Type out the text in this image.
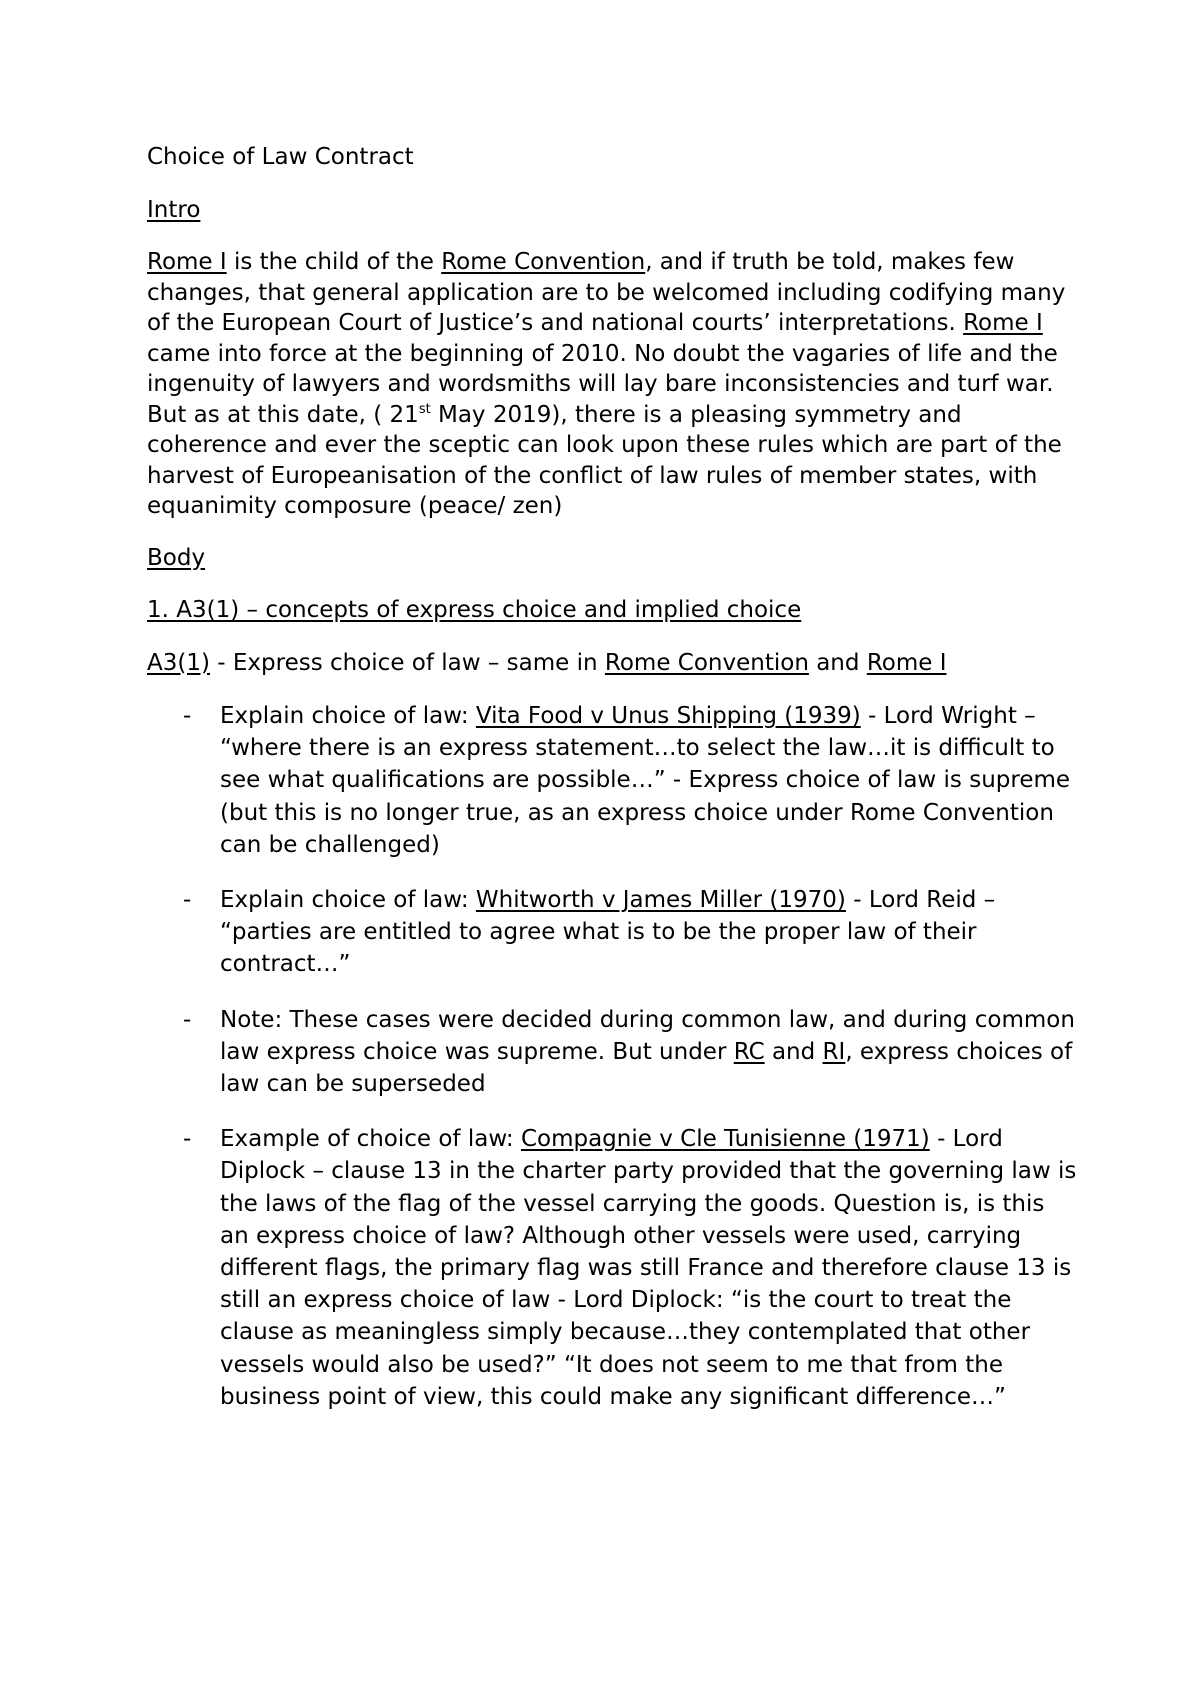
Choice of Law Contract

Intro

Rome I is the child of the Rome Convention, and if truth be told, makes few changes, that general application are to be welcomed including codifying many of the European Court of Justice’s and national courts’ interpretations. Rome I came into force at the beginning of 2010. No doubt the vagaries of life and the ingenuity of lawyers and wordsmiths will lay bare inconsistencies and turf war. But as at this date, ( 21st May 2019), there is a pleasing symmetry and coherence and ever the sceptic can look upon these rules which are part of the harvest of Europeanisation of the conflict of law rules of member states, with equanimity composure (peace/ zen)

Body

1. A3(1) – concepts of express choice and implied choice

A3(1) - Express choice of law – same in Rome Convention and Rome I

- Explain choice of law: Vita Food v Unus Shipping (1939) - Lord Wright – “where there is an express statement…to select the law…it is difficult to see what qualifications are possible…” - Express choice of law is supreme (but this is no longer true, as an express choice under Rome Convention can be challenged)
- Explain choice of law: Whitworth v James Miller (1970) - Lord Reid – “parties are entitled to agree what is to be the proper law of their contract…”
- Note: These cases were decided during common law, and during common law express choice was supreme. But under RC and RI, express choices of law can be superseded
- Example of choice of law: Compagnie v Cle Tunisienne (1971) - Lord Diplock – clause 13 in the charter party provided that the governing law is the laws of the flag of the vessel carrying the goods. Question is, is this an express choice of law? Although other vessels were used, carrying different flags, the primary flag was still France and therefore clause 13 is still an express choice of law - Lord Diplock: “is the court to treat the clause as meaningless simply because…they contemplated that other vessels would also be used?” “It does not seem to me that from the business point of view, this could make any significant difference…”
